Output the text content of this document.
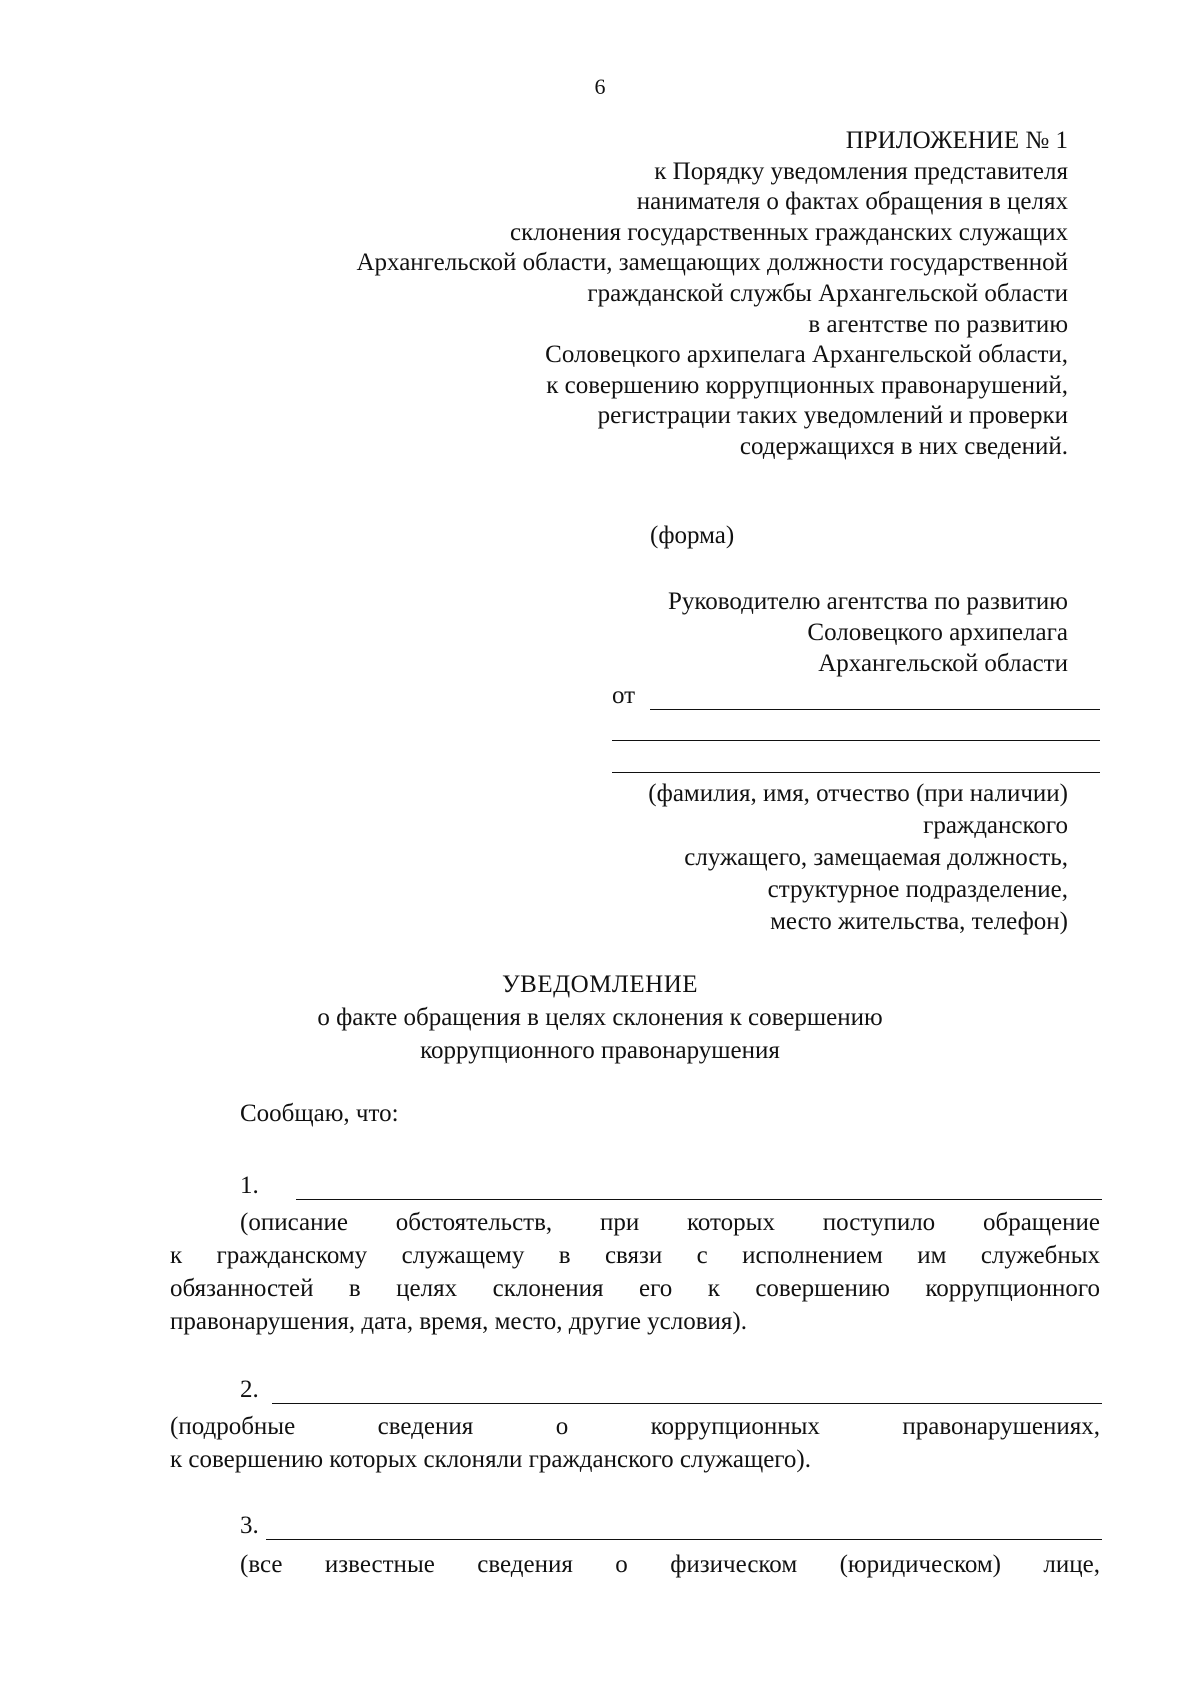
6
ПРИЛОЖЕНИЕ № 1
к Порядку уведомления представителя
нанимателя о фактах обращения в целях
склонения государственных гражданских служащих
Архангельской области, замещающих должности государственной
гражданской службы Архангельской области
в агентстве по развитию
Соловецкого архипелага Архангельской области,
к совершению коррупционных правонарушений,
регистрации таких уведомлений и проверки
содержащихся в них сведений.
(форма)
Руководителю агентства по развитию
Соловецкого архипелага
Архангельской области
от
(фамилия, имя, отчество (при наличии)
гражданского
служащего, замещаемая должность,
структурное подразделение,
место жительства, телефон)
УВЕДОМЛЕНИЕ
о факте обращения в целях склонения к совершению
коррупционного правонарушения
Сообщаю, что:
1.
(описание обстоятельств, при которых поступило обращение
к гражданскому служащему в связи с исполнением им служебных
обязанностей в целях склонения его к совершению коррупционного
правонарушения, дата, время, место, другие условия).
2.
(подробные сведения о коррупционных правонарушениях,
к совершению которых склоняли гражданского служащего).
3.
(все известные сведения о физическом (юридическом) лице,
